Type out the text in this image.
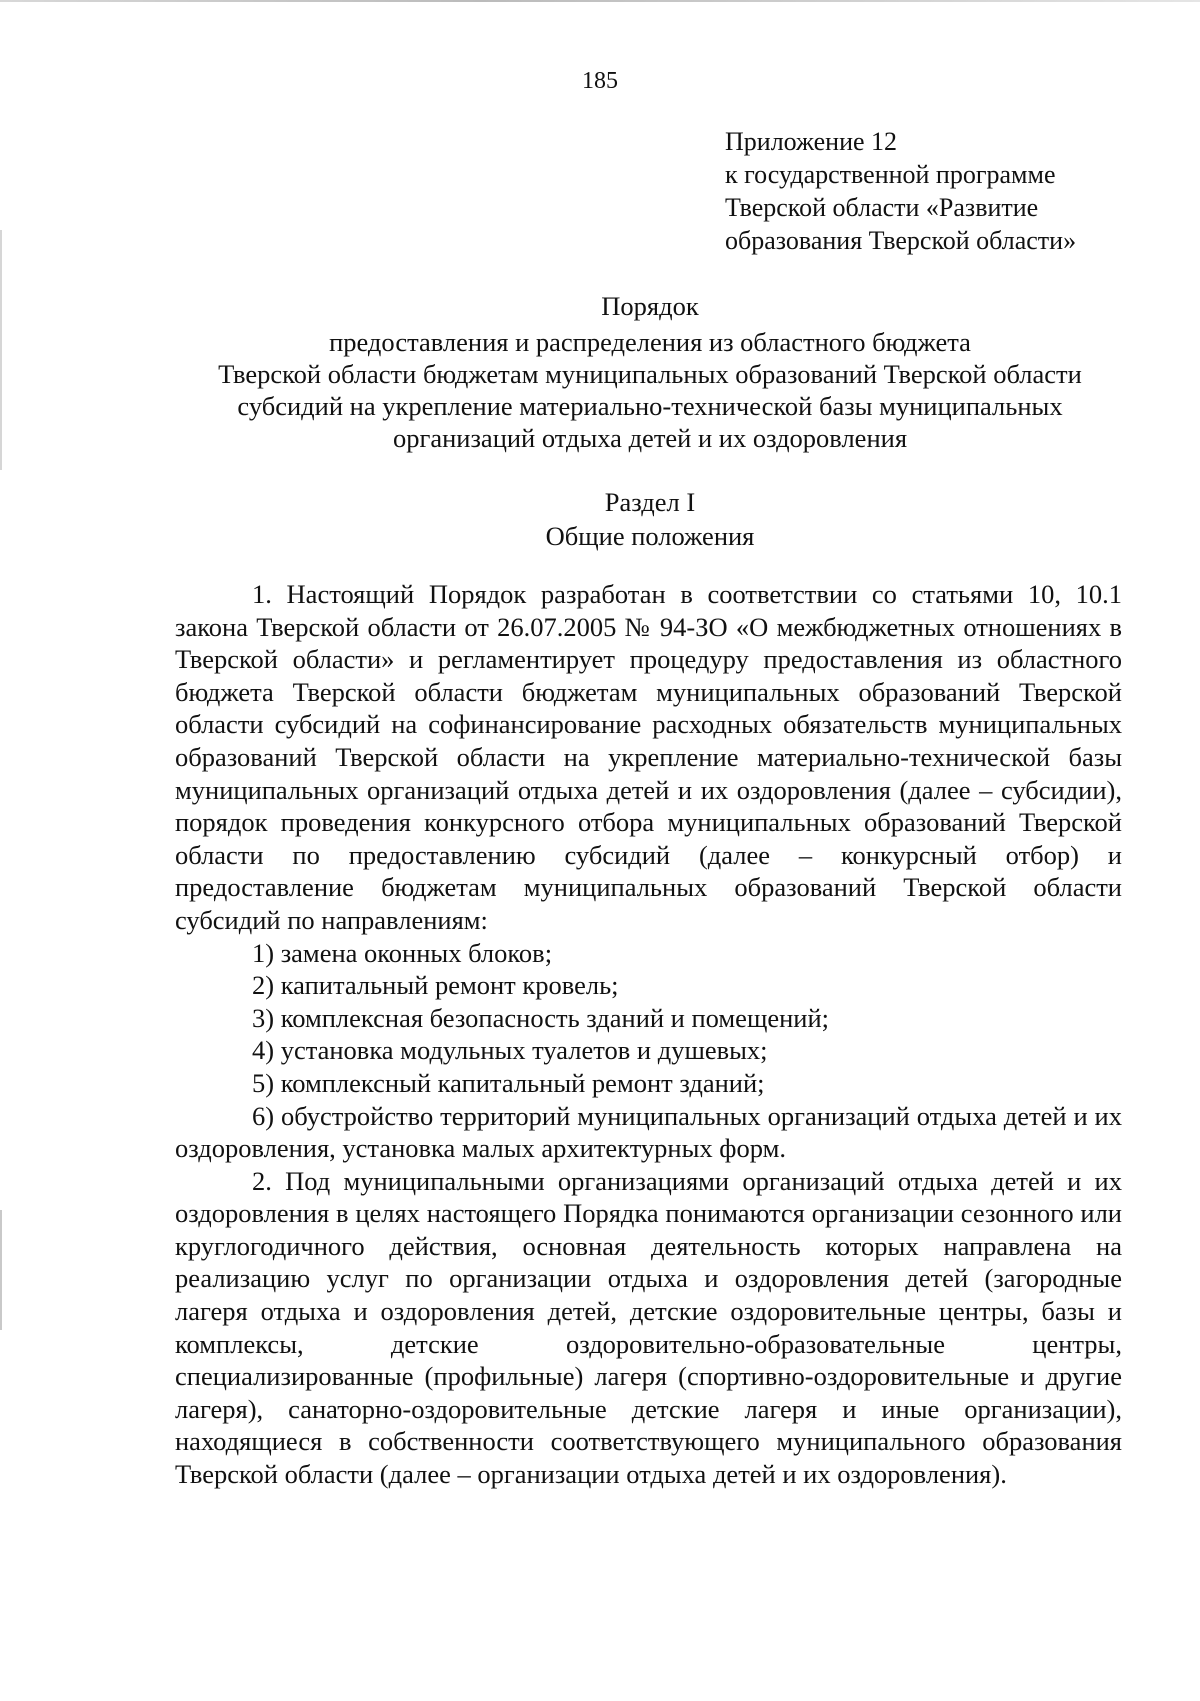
185
Приложение 12
к государственной программе
Тверской области «Развитие
образования Тверской области»
Порядок
предоставления и распределения из областного бюджета
Тверской области бюджетам муниципальных образований Тверской области
субсидий на укрепление материально-технической базы муниципальных
организаций отдыха детей и их оздоровления
Раздел I
Общие положения

1. Настоящий Порядок разработан в соответствии со статьями 10, 10.1 закона Тверской области от 26.07.2005 № 94-ЗО «О межбюджетных отношениях в Тверской области» и регламентирует процедуру предоставления из областного бюджета Тверской области бюджетам муниципальных образований Тверской области субсидий на софинансирование расходных обязательств муниципальных образований Тверской области на укрепление материально-технической базы муниципальных организаций отдыха детей и их оздоровления (далее – субсидии), порядок проведения конкурсного отбора муниципальных образований Тверской области по предоставлению субсидий (далее – конкурсный отбор) и предоставление бюджетам муниципальных образований Тверской области субсидий по направлениям:

1) замена оконных блоков;

2) капитальный ремонт кровель;

3) комплексная безопасность зданий и помещений;

4) установка модульных туалетов и душевых;

5) комплексный капитальный ремонт зданий;

6) обустройство территорий муниципальных организаций отдыха детей и их оздоровления, установка малых архитектурных форм.

2. Под муниципальными организациями организаций отдыха детей и их оздоровления в целях настоящего Порядка понимаются организации сезонного или круглогодичного действия, основная деятельность которых направлена на реализацию услуг по организации отдыха и оздоровления детей (загородные лагеря отдыха и оздоровления детей, детские оздоровительные центры, базы и комплексы, детские оздоровительно-образовательные центры, специализированные (профильные) лагеря (спортивно-оздоровительные и другие лагеря), санаторно-оздоровительные детские лагеря и иные организации), находящиеся в собственности соответствующего муниципального образования Тверской области (далее – организации отдыха детей и их оздоровления).
